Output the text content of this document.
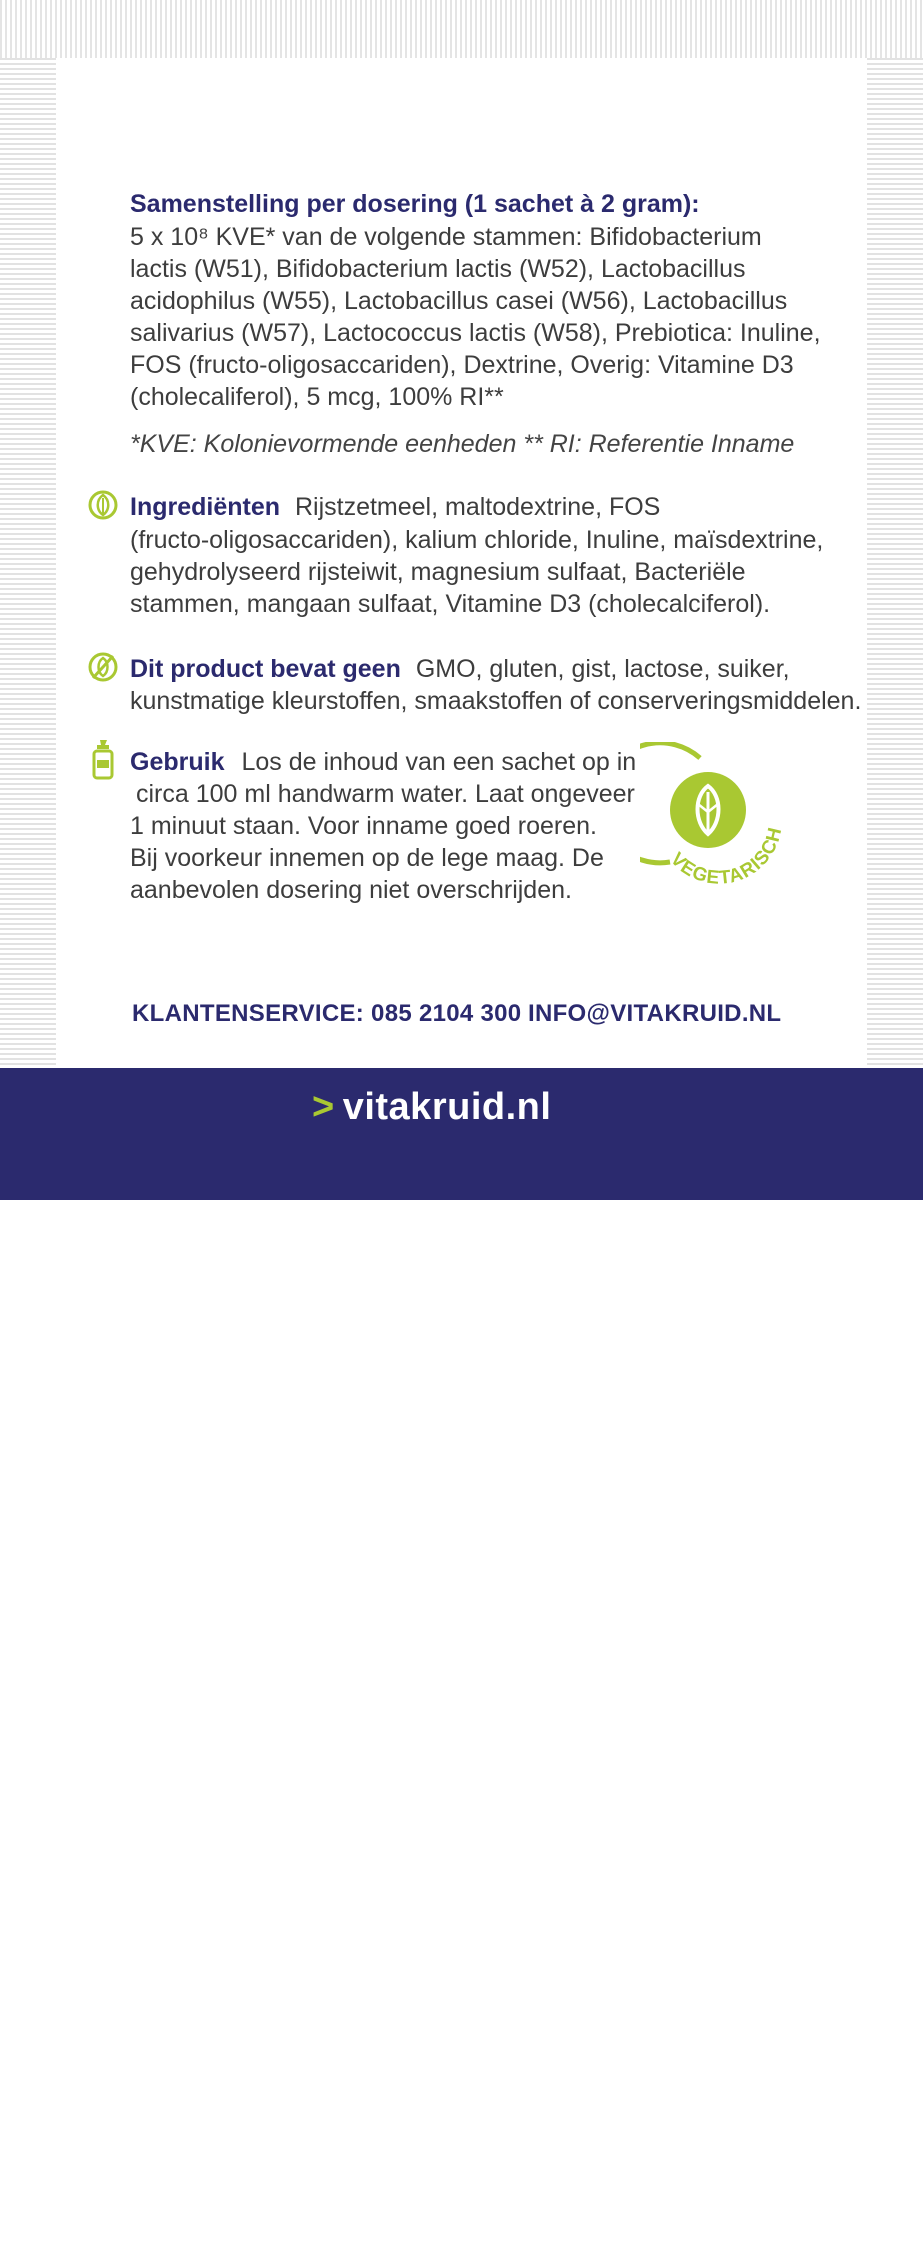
Samenstelling per dosering (1 sachet à 2 gram):
5 x 10⁸ KVE* van de volgende stammen: Bifidobacterium
lactis (W51), Bifidobacterium lactis (W52), Lactobacillus
acidophilus (W55), Lactobacillus casei (W56), Lactobacillus
salivarius (W57), Lactococcus lactis (W58), Prebiotica: Inuline,
FOS (fructo-oligosaccariden), Dextrine, Overig: Vitamine D3
(cholecaliferol), 5 mcg, 100% RI**
*KVE: Kolonievormende eenheden ** RI: Referentie Inname
Ingrediënten Rijstzetmeel, maltodextrine, FOS
(fructo-oligosaccariden), kalium chloride, Inuline, maïsdextrine,
gehydrolyseerd rijsteiwit, magnesium sulfaat, Bacteriële
stammen, mangaan sulfaat, Vitamine D3 (cholecalciferol).
Dit product bevat geen GMO, gluten, gist, lactose, suiker,
kunstmatige kleurstoffen, smaakstoffen of conserveringsmiddelen.
Gebruik Los de inhoud van een sachet op in
circa 100 ml handwarm water. Laat ongeveer
1 minuut staan. Voor inname goed roeren.
Bij voorkeur innemen op de lege maag. De
aanbevolen dosering niet overschrijden.
VEGETARISCH
KLANTENSERVICE: 085 2104 300 INFO@VITAKRUID.NL
> vitakruid.nl
